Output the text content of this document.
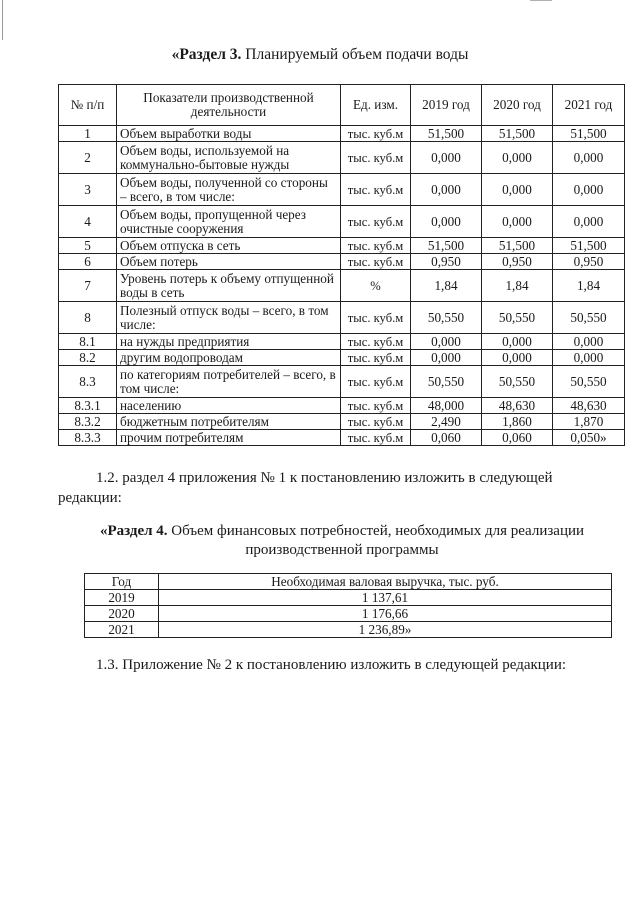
«Раздел 3. Планируемый объем подачи воды
№ п/п	Показатели производственной деятельности	Ед. изм.	2019 год	2020 год	2021 год
1	Объем выработки воды	тыс. куб.м	51,500	51,500	51,500
2	Объем воды, используемой на коммунально-бытовые нужды	тыс. куб.м	0,000	0,000	0,000
3	Объем воды, полученной со стороны – всего, в том числе:	тыс. куб.м	0,000	0,000	0,000
4	Объем воды, пропущенной через очистные сооружения	тыс. куб.м	0,000	0,000	0,000
5	Объем отпуска в сеть	тыс. куб.м	51,500	51,500	51,500
6	Объем потерь	тыс. куб.м	0,950	0,950	0,950
7	Уровень потерь к объему отпущенной воды в сеть	%	1,84	1,84	1,84
8	Полезный отпуск воды – всего, в том числе:	тыс. куб.м	50,550	50,550	50,550
8.1	на нужды предприятия	тыс. куб.м	0,000	0,000	0,000
8.2	другим водопроводам	тыс. куб.м	0,000	0,000	0,000
8.3	по категориям потребителей – всего, в том числе:	тыс. куб.м	50,550	50,550	50,550
8.3.1	населению	тыс. куб.м	48,000	48,630	48,630
8.3.2	бюджетным потребителям	тыс. куб.м	2,490	1,860	1,870
8.3.3	прочим потребителям	тыс. куб.м	0,060	0,060	0,050»
1.2. раздел 4 приложения № 1 к постановлению изложить в следующей
редакции:
«Раздел 4. Объем финансовых потребностей, необходимых для реализации производственной программы
Год	Необходимая валовая выручка, тыс. руб.
2019	1 137,61
2020	1 176,66
2021	1 236,89»
1.3. Приложение № 2 к постановлению изложить в следующей редакции:
